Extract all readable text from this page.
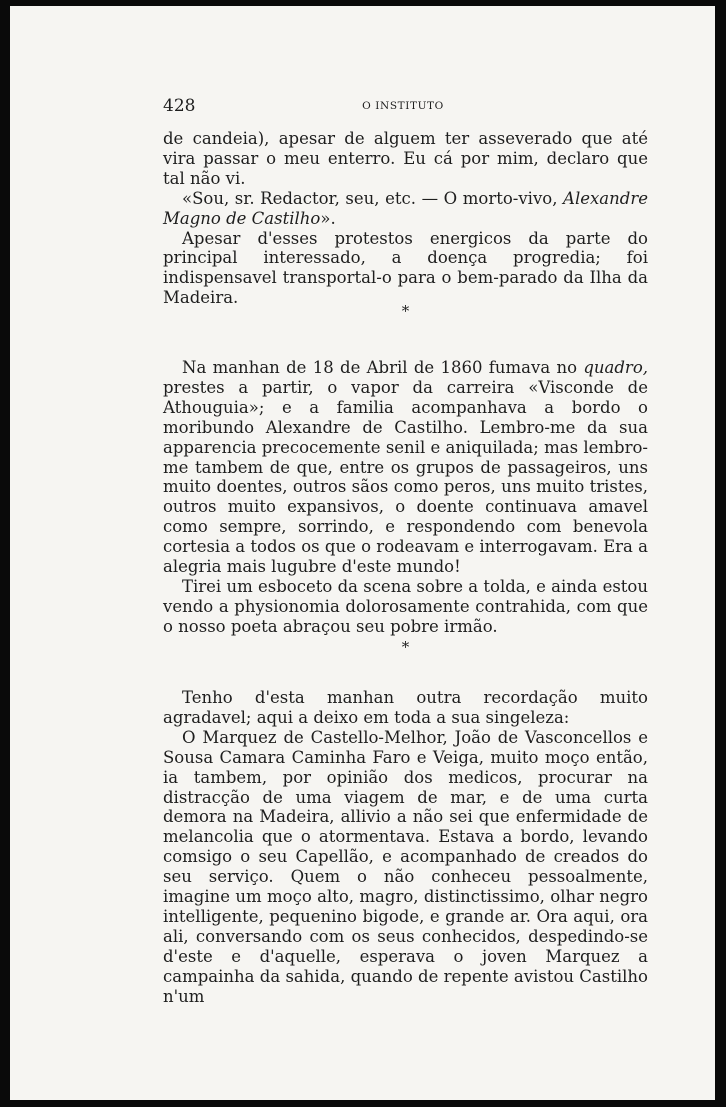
428	O INSTITUTO

de candeia), apesar de alguem ter asseverado que até vira passar o meu enterro. Eu cá por mim, declaro que tal não vi.

«Sou, sr. Redactor, seu, etc. — O morto-vivo, Alexandre Magno de Castilho».

Apesar d'esses protestos energicos da parte do principal interessado, a doença progredia; foi indispensavel transportal-o para o bem-parado da Ilha da Madeira.

*

Na manhan de 18 de Abril de 1860 fumava no quadro, prestes a partir, o vapor da carreira «Visconde de Athouguia»; e a familia acompanhava a bordo o moribundo Alexandre de Castilho. Lembro-me da sua apparencia precocemente senil e aniquilada; mas lembro-me tambem de que, entre os grupos de passageiros, uns muito doentes, outros sãos como peros, uns muito tristes, outros muito expansivos, o doente continuava amavel como sempre, sorrindo, e respondendo com benevola cortesia a todos os que o rodeavam e interrogavam. Era a alegria mais lugubre d'este mundo!

Tirei um esboceto da scena sobre a tolda, e ainda estou vendo a physionomia dolorosamente contrahida, com que o nosso poeta abraçou seu pobre irmão.

*

Tenho d'esta manhan outra recordação muito agradavel; aqui a deixo em toda a sua singeleza:

O Marquez de Castello-Melhor, João de Vasconcellos e Sousa Camara Caminha Faro e Veiga, muito moço então, ia tambem, por opinião dos medicos, procurar na distracção de uma viagem de mar, e de uma curta demora na Madeira, allivio a não sei que enfermidade de melancolia que o atormentava. Estava a bordo, levando comsigo o seu Capellão, e acompanhado de creados do seu serviço. Quem o não conheceu pessoalmente, imagine um moço alto, magro, distinctissimo, olhar negro intelligente, pequenino bigode, e grande ar. Ora aqui, ora ali, conversando com os seus conhecidos, despedindo-se d'este e d'aquelle, esperava o joven Marquez a campainha da sahida, quando de repente avistou Castilho n'um
